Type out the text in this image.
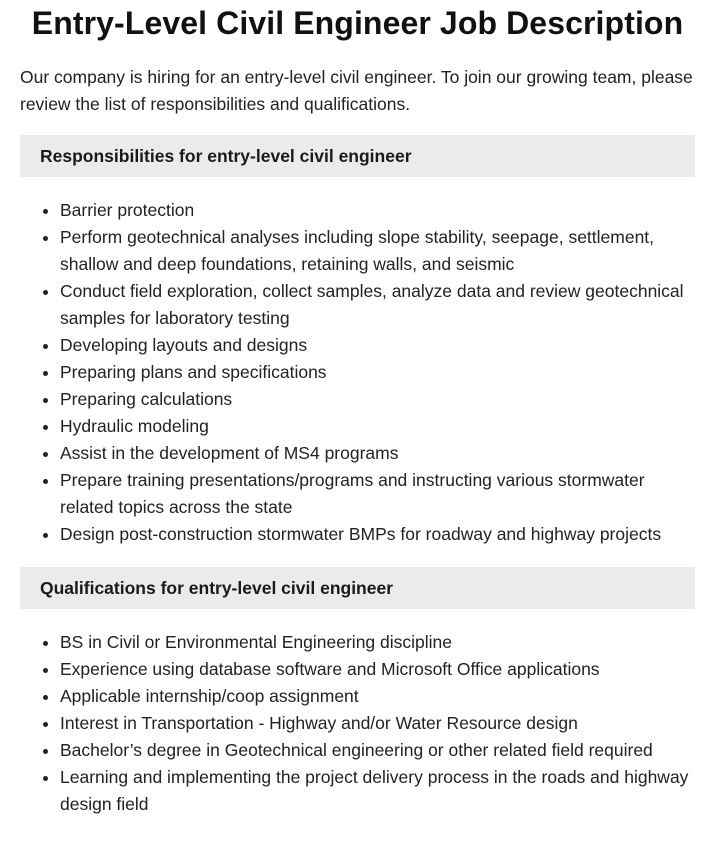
Entry-Level Civil Engineer Job Description

Our company is hiring for an entry-level civil engineer. To join our growing team, please review the list of responsibilities and qualifications.

Responsibilities for entry-level civil engineer
Barrier protection
Perform geotechnical analyses including slope stability, seepage, settlement, shallow and deep foundations, retaining walls, and seismic
Conduct field exploration, collect samples, analyze data and review geotechnical samples for laboratory testing
Developing layouts and designs
Preparing plans and specifications
Preparing calculations
Hydraulic modeling
Assist in the development of MS4 programs
Prepare training presentations/programs and instructing various stormwater related topics across the state
Design post-construction stormwater BMPs for roadway and highway projects
Qualifications for entry-level civil engineer
BS in Civil or Environmental Engineering discipline
Experience using database software and Microsoft Office applications
Applicable internship/coop assignment
Interest in Transportation - Highway and/or Water Resource design
Bachelor’s degree in Geotechnical engineering or other related field required
Learning and implementing the project delivery process in the roads and highway design field
